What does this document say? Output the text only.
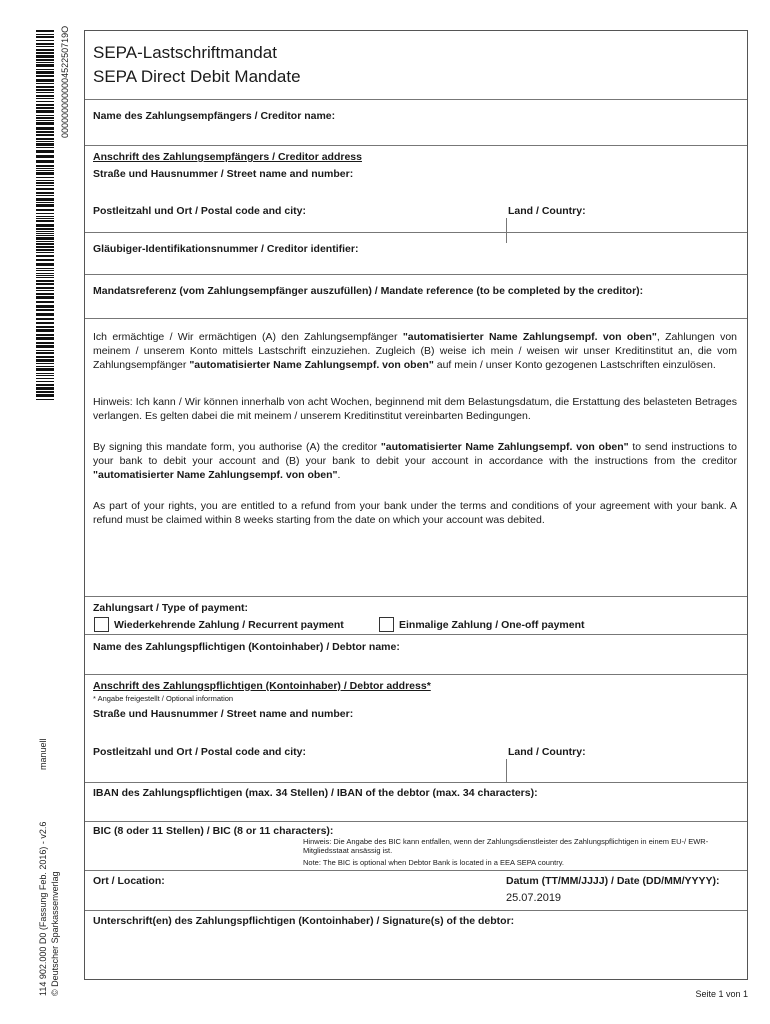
000000000000452250719O
manuell
114 902.000 D0 (Fassung Feb. 2016) - v2.6 © Deutscher Sparkassenverlag
SEPA-Lastschriftmandat
SEPA Direct Debit Mandate
Name des Zahlungsempfängers / Creditor name:
Anschrift des Zahlungsempfängers / Creditor address
Straße und Hausnummer / Street name and number:
Postleitzahl und Ort / Postal code and city:	Land / Country:
Gläubiger-Identifikationsnummer / Creditor identifier:
Mandatsreferenz (vom Zahlungsempfänger auszufüllen) / Mandate reference (to be completed by the creditor):
Ich ermächtige / Wir ermächtigen (A) den Zahlungsempfänger "automatisierter Name Zahlungsempf. von oben", Zahlungen von meinem / unserem Konto mittels Lastschrift einzuziehen. Zugleich (B) weise ich mein / weisen wir unser Kreditinstitut an, die vom Zahlungsempfänger "automatisierter Name Zahlungsempf. von oben" auf mein / unser Konto gezogenen Lastschriften einzulösen.
Hinweis: Ich kann / Wir können innerhalb von acht Wochen, beginnend mit dem Belastungsdatum, die Erstattung des belasteten Betrages verlangen. Es gelten dabei die mit meinem / unserem Kreditinstitut vereinbarten Bedingungen.
By signing this mandate form, you authorise (A) the creditor "automatisierter Name Zahlungsempf. von oben" to send instructions to your bank to debit your account and (B) your bank to debit your account in accordance with the instructions from the creditor "automatisierter Name Zahlungsempf. von oben".
As part of your rights, you are entitled to a refund from your bank under the terms and conditions of your agreement with your bank. A refund must be claimed within 8 weeks starting from the date on which your account was debited.
Zahlungsart / Type of payment:
Wiederkehrende Zahlung / Recurrent payment	Einmalige Zahlung / One-off payment
Name des Zahlungspflichtigen (Kontoinhaber) / Debtor name:
Anschrift des Zahlungspflichtigen (Kontoinhaber) / Debtor address*
* Angabe freigestellt / Optional information
Straße und Hausnummer / Street name and number:
Postleitzahl und Ort / Postal code and city:	Land / Country:
IBAN des Zahlungspflichtigen (max. 34 Stellen) / IBAN of the debtor (max. 34 characters):
BIC (8 oder 11 Stellen) / BIC (8 or 11 characters):
Hinweis: Die Angabe des BIC kann entfallen, wenn der Zahlungsdienstleister des Zahlungspflichtigen in einem EU-/ EWR-Mitgliedsstaat ansässig ist.
Note: The BIC is optional when Debtor Bank is located in a EEA SEPA country.
Ort / Location:	Datum (TT/MM/JJJJ) / Date (DD/MM/YYYY):
25.07.2019
Unterschrift(en) des Zahlungspflichtigen (Kontoinhaber) / Signature(s) of the debtor:
Seite 1 von 1
